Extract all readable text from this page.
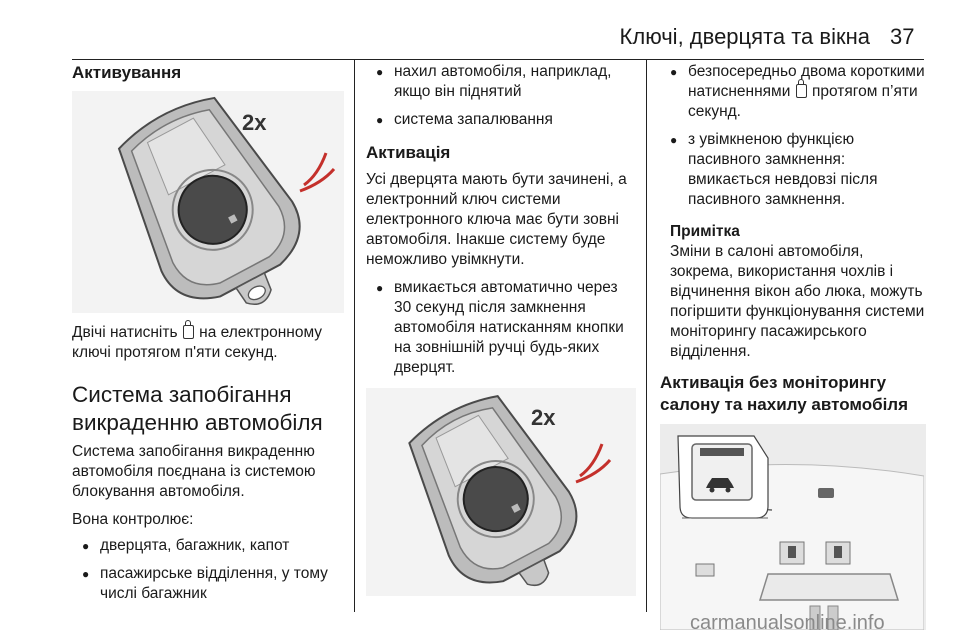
Ключі, дверцята та вікна 37

Активування

2x

Двічі натисніть на електронному ключі протягом п'яти секунд.

Система запобігання

викраденню автомобіля

Система запобігання викраденню автомобіля поєднана із системою блокування автомобіля.

Вона контролює:

● дверцята, багажник, капот

● пасажирське відділення, у тому числі багажник

● нахил автомобіля, наприклад, якщо він піднятий

● система запалювання

Активація

Усі дверцята мають бути зачинені, а електронний ключ системи електронного ключа має бути зовні автомобіля. Інакше систему буде неможливо увімкнути.

● вмикається автоматично через 30 секунд після замкнення автомобіля натисканням кнопки на зовнішній ручці будь-яких дверцят.

2x

● безпосередньо двома короткими натисненнями протягом п’яти секунд.

● з увімкненою функцією пасивного замкнення: вмикається невдовзі після пасивного замкнення.

Примітка

Зміни в салоні автомобіля, зокрема, використання чохлів і відчинення вікон або люка, можуть погіршити функціонування системи моніторингу пасажирського відділення.

Активація без моніторингу

салону та нахилу автомобіля

carmanualsonline.info
